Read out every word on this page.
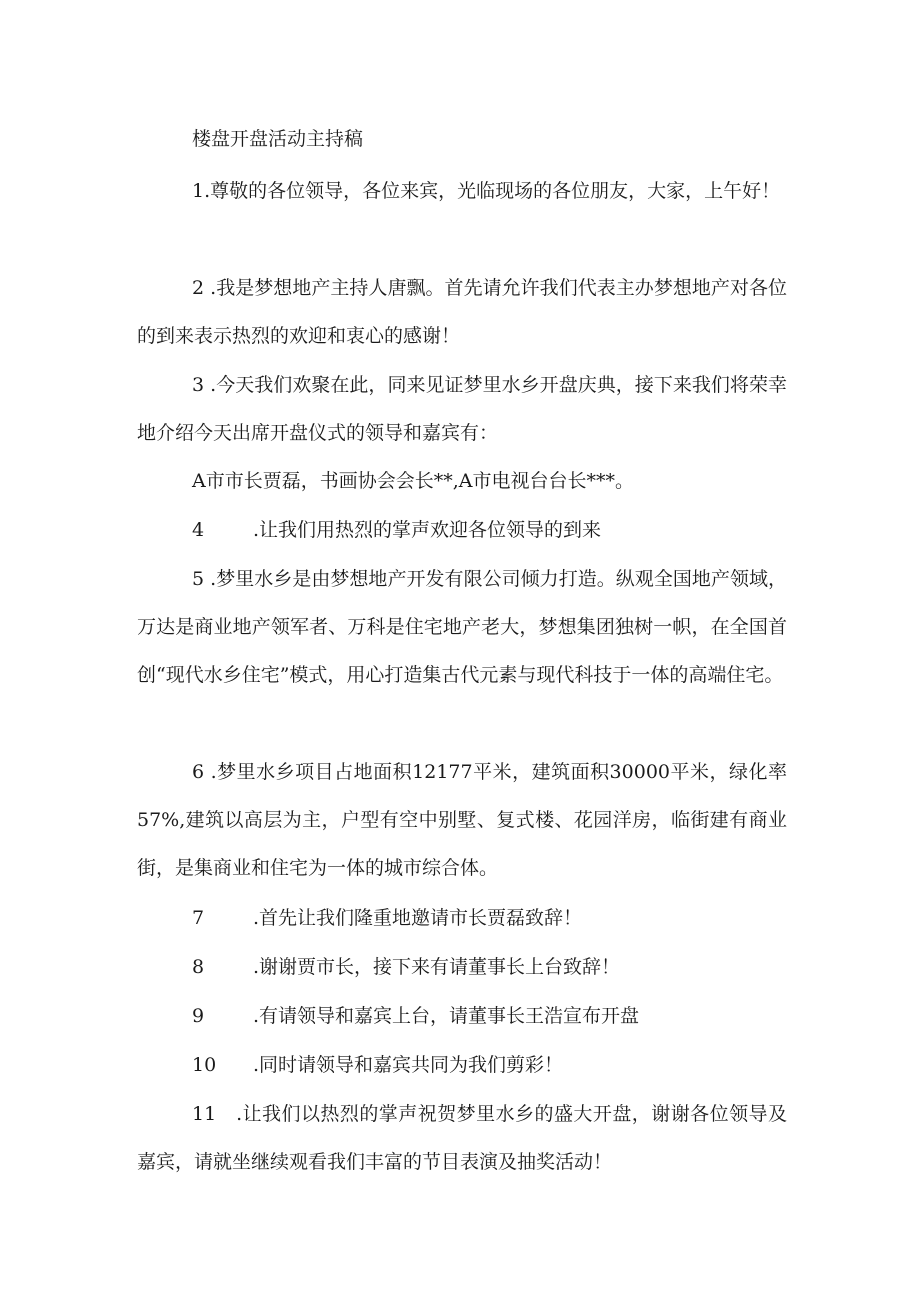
楼盘开盘活动主持稿
1.尊敬的各位领导，各位来宾，光临现场的各位朋友，大家，上午好！
2 .我是梦想地产主持人唐飘。首先请允许我们代表主办梦想地产对各位的到来表示热烈的欢迎和衷心的感谢！
3 .今天我们欢聚在此，同来见证梦里水乡开盘庆典，接下来我们将荣幸地介绍今天出席开盘仪式的领导和嘉宾有：
A市市长贾磊，书画协会会长**,A市电视台台长***。
4	.让我们用热烈的掌声欢迎各位领导的到来
5 .梦里水乡是由梦想地产开发有限公司倾力打造。纵观全国地产领域，万达是商业地产领军者、万科是住宅地产老大，梦想集团独树一帜，在全国首创“现代水乡住宅”模式，用心打造集古代元素与现代科技于一体的高端住宅。
6 .梦里水乡项目占地面积12177平米，建筑面积30000平米，绿化率57%,建筑以高层为主，户型有空中别墅、复式楼、花园洋房，临街建有商业街，是集商业和住宅为一体的城市综合体。
7	.首先让我们隆重地邀请市长贾磊致辞！
8	.谢谢贾市长，接下来有请董事长上台致辞！
9	.有请领导和嘉宾上台，请董事长王浩宣布开盘
10 .同时请领导和嘉宾共同为我们剪彩！
11　.让我们以热烈的掌声祝贺梦里水乡的盛大开盘，谢谢各位领导及嘉宾，请就坐继续观看我们丰富的节目表演及抽奖活动！
